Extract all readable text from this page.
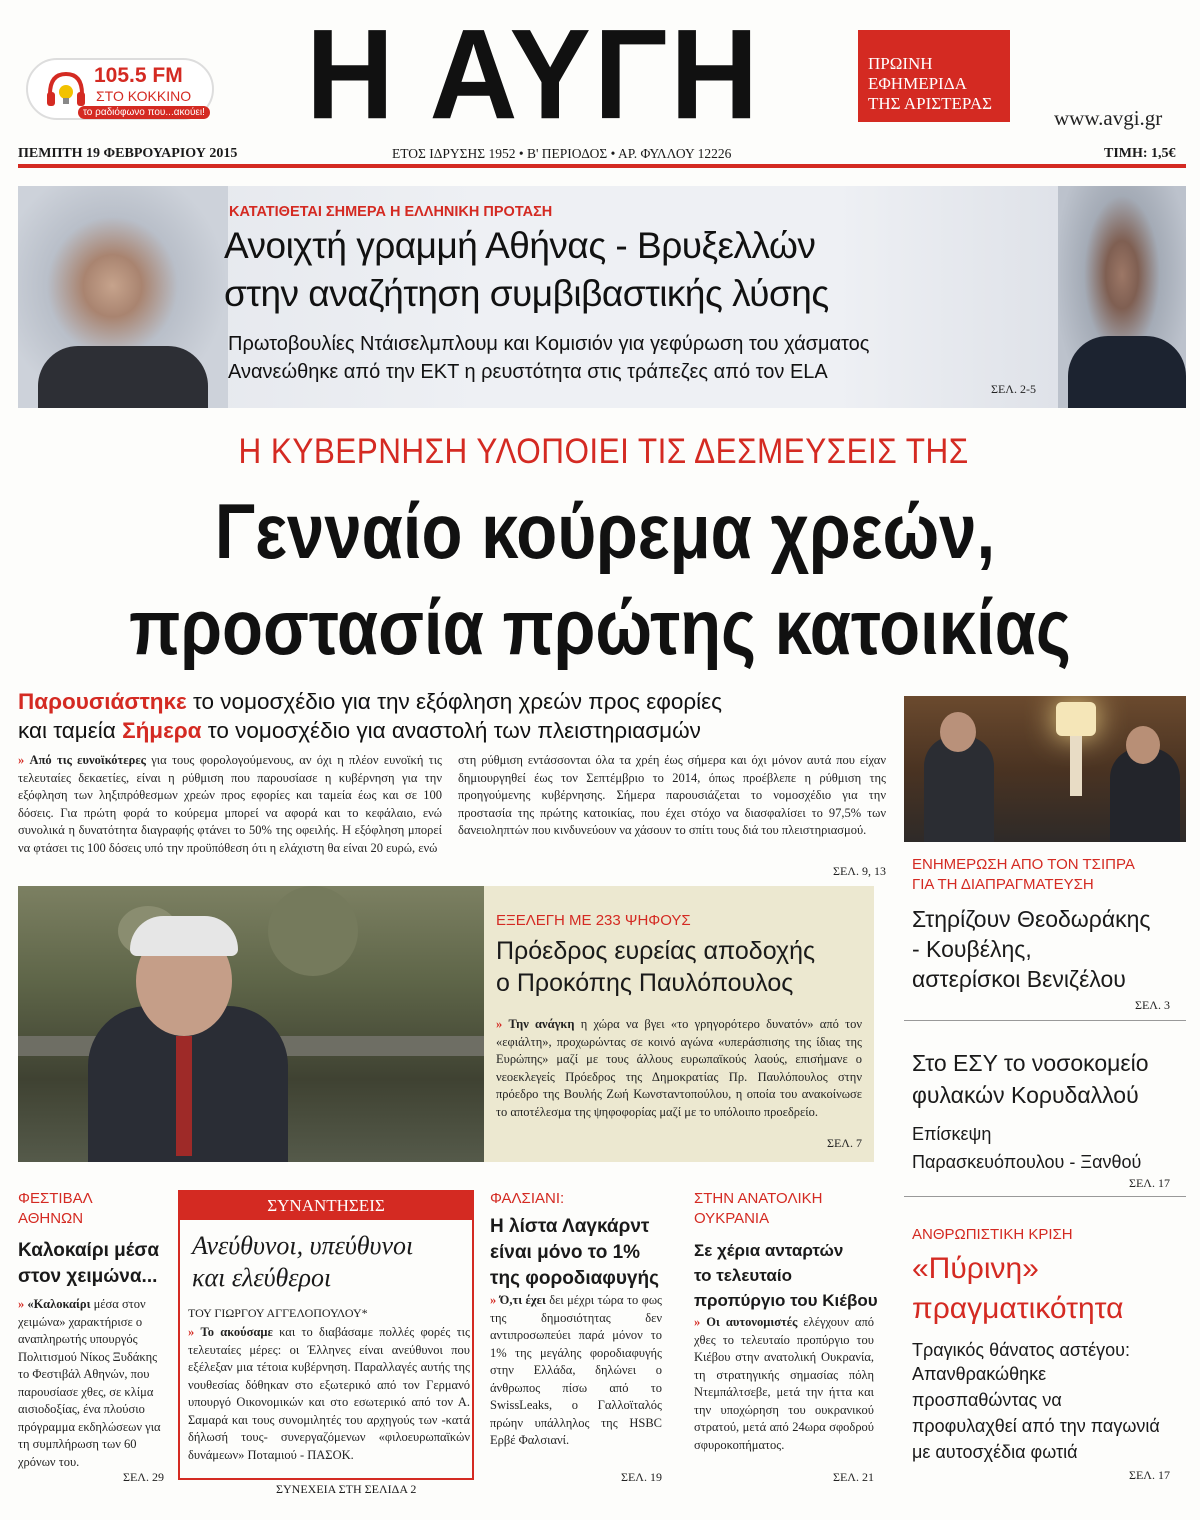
105.5 FM
ΣΤΟ ΚΟΚΚΙΝΟ
το ραδιόφωνο που...ακούει! Η ΑΥΓΗ	ΠΡΩΙΝΗ
ΕΦΗΜΕΡΙΔΑ
ΤΗΣ ΑΡΙΣΤΕΡΑΣ
www.avgi.gr
ΠΕΜΠΤΗ 19 ΦΕΒΡΟΥΑΡΙΟΥ 2015	ΕΤΟΣ ΙΔΡΥΣΗΣ 1952 • Β' ΠΕΡΙΟΔΟΣ • ΑΡ. ΦΥΛΛΟΥ 12226	ΤΙΜΗ: 1,5€
ΚΑΤΑΤΙΘΕΤΑΙ ΣΗΜΕΡΑ Η ΕΛΛΗΝΙΚΗ ΠΡΟΤΑΣΗ
Ανοιχτή γραμμή Αθήνας - Βρυξελλών
στην αναζήτηση συμβιβαστικής λύσης
Πρωτοβουλίες Ντάισελμπλουμ και Κομισιόν για γεφύρωση του χάσματος
Ανανεώθηκε από την ΕΚΤ η ρευστότητα στις τράπεζες από τον ELA
ΣΕΛ. 2-5
Η ΚΥΒΕΡΝΗΣΗ ΥΛΟΠΟΙΕΙ ΤΙΣ ΔΕΣΜΕΥΣΕΙΣ ΤΗΣ
Γενναίο κούρεμα χρεών,
προστασία πρώτης κατοικίας
Παρουσιάστηκε το νομοσχέδιο για την εξόφληση χρεών προς εφορίες
και ταμεία Σήμερα το νομοσχέδιο για αναστολή των πλειστηριασμών
» Από τις ευνοϊκότερες για τους φορολογούμενους, αν όχι η πλέον ευνοϊκή τις τελευταίες δεκαετίες, είναι η ρύθμιση που παρουσίασε η κυβέρνηση για την εξόφληση των ληξιπρόθεσμων χρεών προς εφορίες και ταμεία έως και σε 100 δόσεις. Για πρώτη φορά το κούρεμα μπορεί να αφορά και το κεφάλαιο, ενώ συνολικά η δυνατότητα διαγραφής φτάνει το 50% της οφειλής. Η εξόφληση μπορεί να φτάσει τις 100 δόσεις υπό την προϋπόθεση ότι η ελάχιστη θα είναι 20 ευρώ, ενώ
στη ρύθμιση εντάσσονται όλα τα χρέη έως σήμερα και όχι μόνον αυτά που είχαν δημιουργηθεί έως τον Σεπτέμβριο το 2014, όπως προέβλεπε η ρύθμιση της προηγούμενης κυβέρνησης. Σήμερα παρουσιάζεται το νομοσχέδιο για την προστασία της πρώτης κατοικίας, που έχει στόχο να διασφαλίσει το 97,5% των δανειοληπτών που κινδυνεύουν να χάσουν το σπίτι τους διά του πλειστηριασμού.
ΣΕΛ. 9, 13 ΕΝΗΜΕΡΩΣΗ ΑΠΟ ΤΟΝ ΤΣΙΠΡΑ
ΓΙΑ ΤΗ ΔΙΑΠΡΑΓΜΑΤΕΥΣΗ
Στηρίζουν Θεοδωράκης
- Κουβέλης,
αστερίσκοι Βενιζέλου
ΣΕΛ. 3
Στο ΕΣΥ το νοσοκομείο
φυλακών Κορυδαλλού
Επίσκεψη
Παρασκευόπουλου - Ξανθού
ΣΕΛ. 17
ΕΞΕΛΕΓΗ ΜΕ 233 ΨΗΦΟΥΣ
Πρόεδρος ευρείας αποδοχής
ο Προκόπης Παυλόπουλος
» Την ανάγκη η χώρα να βγει «το γρηγορότερο δυνατόν» από τον «εφιάλτη», προχωρώντας σε κοινό αγώνα «υπεράσπισης της ίδιας της Ευρώπης» μαζί με τους άλλους ευρωπαϊκούς λαούς, επισήμανε ο νεοεκλεγείς Πρόεδρος της Δημοκρατίας Πρ. Παυλόπουλος στην πρόεδρο της Βουλής Ζωή Κωνσταντοπούλου, η οποία του ανακοίνωσε το αποτέλεσμα της ψηφοφορίας μαζί με το υπόλοιπο προεδρείο.
ΣΕΛ. 7
ΦΕΣΤΙΒΑΛ
ΑΘΗΝΩΝ
Καλοκαίρι μέσα
στον χειμώνα...
» «Καλοκαίρι μέσα στον χειμώνα» χαρακτήρισε ο αναπληρωτής υπουργός Πολιτισμού Νίκος Ξυδάκης το Φεστιβάλ Αθηνών, που παρουσίασε χθες, σε κλίμα αισιοδοξίας, ένα πλούσιο πρόγραμμα εκδηλώσεων για τη συμπλήρωση των 60 χρόνων του.
ΣΕΛ. 29
ΣΥΝΑΝΤΗΣΕΙΣ
Ανεύθυνοι, υπεύθυνοι
και ελεύθεροι
ΤΟΥ ΓΙΩΡΓΟΥ ΑΓΓΕΛΟΠΟΥΛΟΥ*
» Το ακούσαμε και το διαβάσαμε πολλές φορές τις τελευταίες μέρες: οι Έλληνες είναι ανεύθυνοι που εξέλεξαν μια τέτοια κυβέρνηση. Παραλλαγές αυτής της νουθεσίας δόθηκαν στο εξωτερικό από τον Γερμανό υπουργό Οικονομικών και στο εσωτερικό από τον Α. Σαμαρά και τους συνομιλητές του αρχηγούς των -κατά δήλωσή τους- συνεργαζόμενων «φιλοευρωπαϊκών δυνάμεων» Ποταμιού - ΠΑΣΟΚ.
ΣΥΝΕΧΕΙΑ ΣΤΗ ΣΕΛΙΔΑ 2
ΦΑΛΣΙΑΝΙ:
Η λίστα Λαγκάρντ
είναι μόνο το 1%
της φοροδιαφυγής
» Ό,τι έχει δει μέχρι τώρα το φως της δημοσιότητας δεν αντιπροσωπεύει παρά μόνον το 1% της μεγάλης φοροδιαφυγής στην Ελλάδα, δηλώνει ο άνθρωπος πίσω από το SwissLeaks, ο Γαλλοϊταλός πρώην υπάλληλος της HSBC Ερβέ Φαλσιανί.
ΣΕΛ. 19
ΣΤΗΝ ΑΝΑΤΟΛΙΚΗ
ΟΥΚΡΑΝΙΑ
Σε χέρια ανταρτών
το τελευταίο
προπύργιο του Κιέβου
» Οι αυτονομιστές ελέγχουν από χθες το τελευταίο προπύργιο του Κιέβου στην ανατολική Ουκρανία, τη στρατηγικής σημασίας πόλη Ντεμπάλτσεβε, μετά την ήττα και την υποχώρηση του ουκρανικού στρατού, μετά από 24ωρα σφοδρού σφυροκοπήματος.
ΣΕΛ. 21
ΑΝΘΡΩΠΙΣΤΙΚΗ ΚΡΙΣΗ
«Πύρινη»
πραγματικότητα
Τραγικός θάνατος αστέγου:
Απανθρακώθηκε
προσπαθώντας να
προφυλαχθεί από την παγωνιά
με αυτοσχέδια φωτιά
ΣΕΛ. 17
